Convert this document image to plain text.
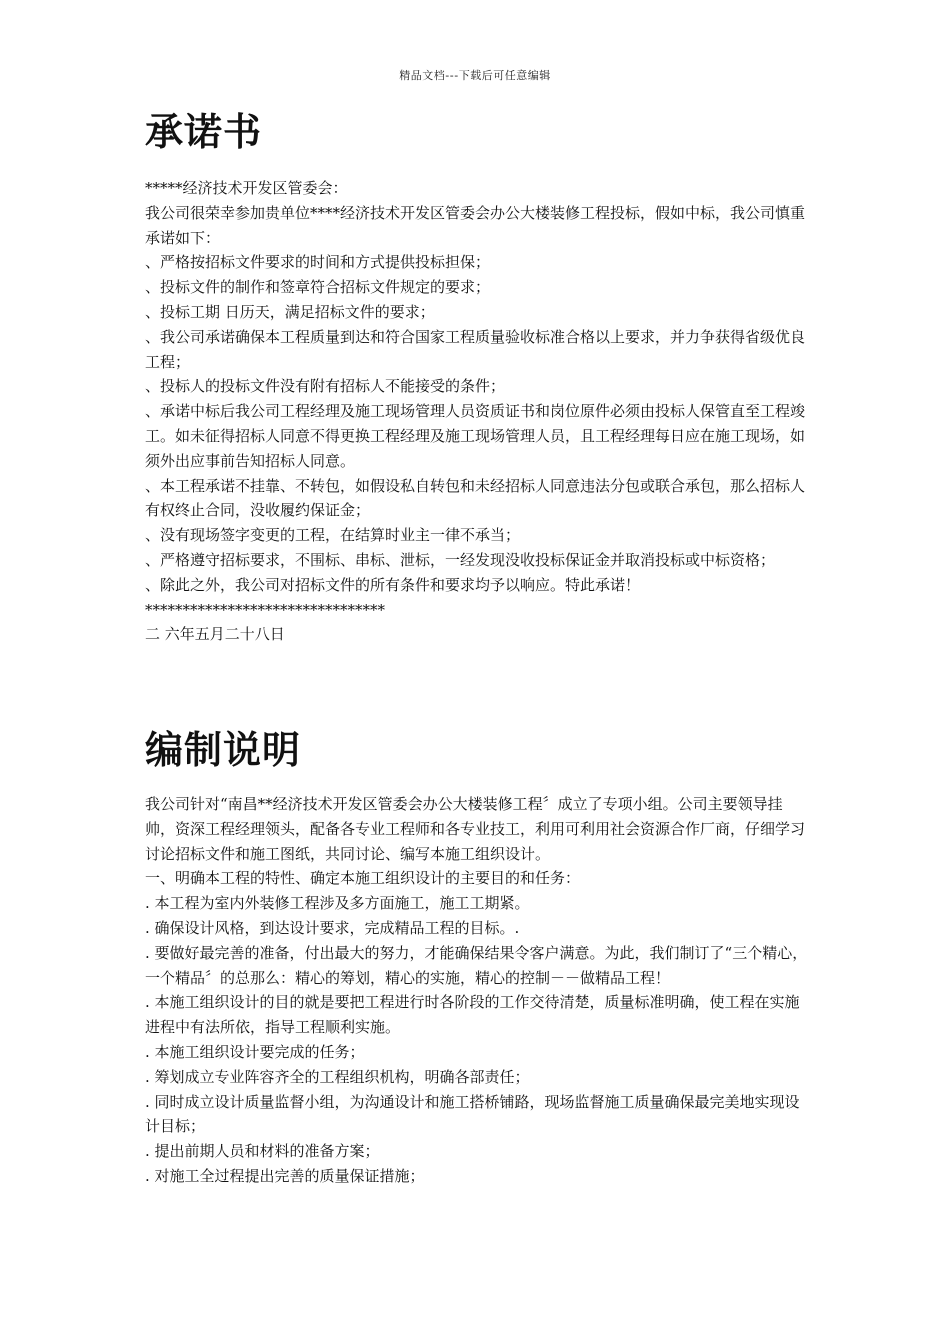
精品文档---下载后可任意编辑
承诺书

*****经济技术开发区管委会：

我公司很荣幸参加贵单位****经济技术开发区管委会办公大楼装修工程投标，假如中标，我公司慎重承诺如下：

、严格按招标文件要求的时间和方式提供投标担保；

、投标文件的制作和签章符合招标文件规定的要求；

、投标工期 日历天，满足招标文件的要求；

、我公司承诺确保本工程质量到达和符合国家工程质量验收标准合格以上要求，并力争获得省级优良工程；

、投标人的投标文件没有附有招标人不能接受的条件；

、承诺中标后我公司工程经理及施工现场管理人员资质证书和岗位原件必须由投标人保管直至工程竣工。如未征得招标人同意不得更换工程经理及施工现场管理人员，且工程经理每日应在施工现场，如须外出应事前告知招标人同意。

、本工程承诺不挂靠、不转包，如假设私自转包和未经招标人同意违法分包或联合承包，那么招标人有权终止合同，没收履约保证金；

、没有现场签字变更的工程，在结算时业主一律不承当；

、严格遵守招标要求，不围标、串标、泄标，一经发现没收投标保证金并取消投标或中标资格；

、除此之外，我公司对招标文件的所有条件和要求均予以响应。特此承诺！

********************************

二 六年五月二十八日

编制说明

我公司针对“南昌**经济技术开发区管委会办公大楼装修工程〞成立了专项小组。公司主要领导挂帅，资深工程经理领头，配备各专业工程师和各专业技工，利用可利用社会资源合作厂商，仔细学习讨论招标文件和施工图纸，共同讨论、编写本施工组织设计。

一、明确本工程的特性、确定本施工组织设计的主要目的和任务：

. 本工程为室内外装修工程涉及多方面施工，施工工期紧。

. 确保设计风格，到达设计要求，完成精品工程的目标。.

. 要做好最完善的准备，付出最大的努力，才能确保结果令客户满意。为此，我们制订了“三个精心，一个精品〞的总那么：精心的筹划，精心的实施，精心的控制－－做精品工程！

. 本施工组织设计的目的就是要把工程进行时各阶段的工作交待清楚，质量标准明确，使工程在实施进程中有法所依，指导工程顺利实施。

. 本施工组织设计要完成的任务；

. 筹划成立专业阵容齐全的工程组织机构，明确各部责任；

. 同时成立设计质量监督小组，为沟通设计和施工搭桥铺路，现场监督施工质量确保最完美地实现设计目标；

. 提出前期人员和材料的准备方案；

. 对施工全过程提出完善的质量保证措施；
